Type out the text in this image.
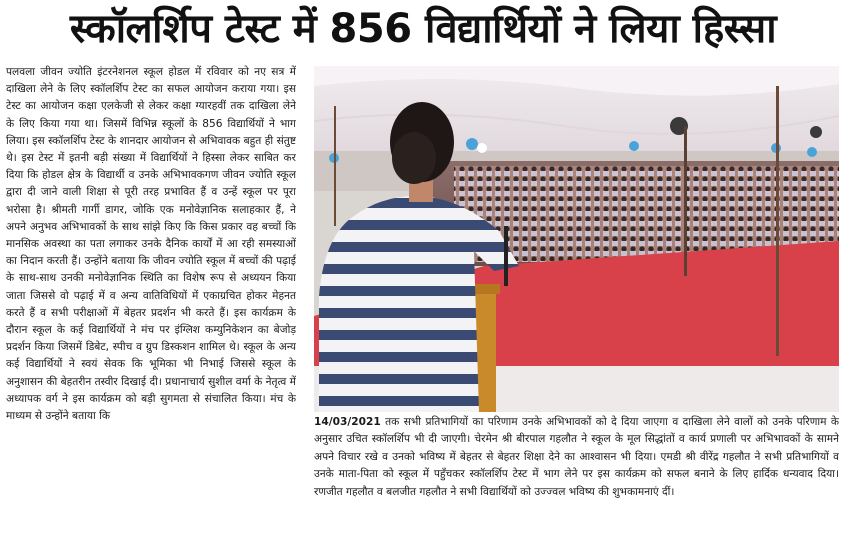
स्कॉलर्शिप टेस्ट में 856 विद्यार्थियों ने लिया हिस्सा

पलवला जीवन ज्योति इंटरनेशनल स्कूल होडल में रविवार को नए सत्र में दाखिला लेने के लिए स्कॉलर्शिप टेस्ट का सफल आयोजन कराया गया। इस टेस्ट का आयोजन कक्षा एलकेजी से लेकर कक्षा ग्यारहवीं तक दाखिला लेने के लिए किया गया था। जिसमें विभिन्न स्कूलों के 856 विद्यार्थियों ने भाग लिया। इस स्कॉलर्शिप टेस्ट के शानदार आयोजन से अभिवावक बहुत ही संतुष्ट थे। इस टेस्ट में इतनी बड़ी संख्या में विद्यार्थियों ने हिस्सा लेकर साबित कर दिया कि होडल क्षेत्र के विद्यार्थी व उनके अभिभावकगण जीवन ज्योति स्कूल द्वारा दी जाने वाली शिक्षा से पूरी तरह प्रभावित हैं व उन्हें स्कूल पर पूरा भरोसा है। श्रीमती गार्गी डागर, जोकि एक मनोवेज्ञानिक सलाहकार हैं, ने अपने अनुभव अभिभावकों के साथ सांझे किए कि किस प्रकार वह बच्चों कि मानसिक अवस्था का पता लगाकर उनके दैनिक कार्यों में आ रही समस्याओं का निदान करती हैं। उन्होंने बताया कि जीवन ज्योति स्कूल में बच्चों की पढ़ाई के साथ-साथ उनकी मनोवेज्ञानिक स्थिति का विशेष रूप से अध्ययन किया जाता जिससे वो पढ़ाई में व अन्य वातिविधियों में एकाग्रचित होकर मेहनत करते हैं व सभी परीक्षाओं में बेहतर प्रदर्शन भी करते हैं। इस कार्यक्रम के दौरान स्कूल के कई विद्यार्थियों ने मंच पर इंग्लिश कम्युनिकेशन का बेजोड़ प्रदर्शन किया जिसमें डिबेट, स्पीच व ग्रुप डिस्कशन शामिल थे। स्कूल के अन्य कई विद्यार्थियों ने स्वयं सेवक कि भूमिका भी निभाई जिससे स्कूल के अनुशासन की बेहतरीन तस्वीर दिखाई दी। प्रधानाचार्य सुशील वर्मा के नेतृत्व में अध्यापक वर्ग ने इस कार्यक्रम को बड़ी सुगमता से संचालित किया। मंच के माध्यम से उन्होंने बताया कि	14/03/2021 तक सभी प्रतिभागियों का परिणाम उनके अभिभावकों को दे दिया जाएगा व दाखिला लेने वालों को उनके परिणाम के अनुसार उचित स्कॉलर्शिप भी दी जाएगी। चेरमेन श्री बीरपाल गहलौत ने स्कूल के मूल सिद्धांतों व कार्य प्रणाली पर अभिभावकों के सामने अपने विचार रखे व उनको भविष्य में बेहतर से बेहतर शिक्षा देने का आश्वासन भी दिया। एमडी श्री वीरेंद्र गहलौत ने सभी प्रतिभागियों व उनके माता-पिता को स्कूल में पहुँचकर स्कॉलर्शिप टेस्ट में भाग लेने पर इस कार्यक्रम को सफल बनाने के लिए हार्दिक धन्यवाद दिया। रणजीत गहलौत व बलजीत गहलौत ने सभी विद्यार्थियों को उज्ज्वल भविष्य की शुभकामनाएं दीं।
